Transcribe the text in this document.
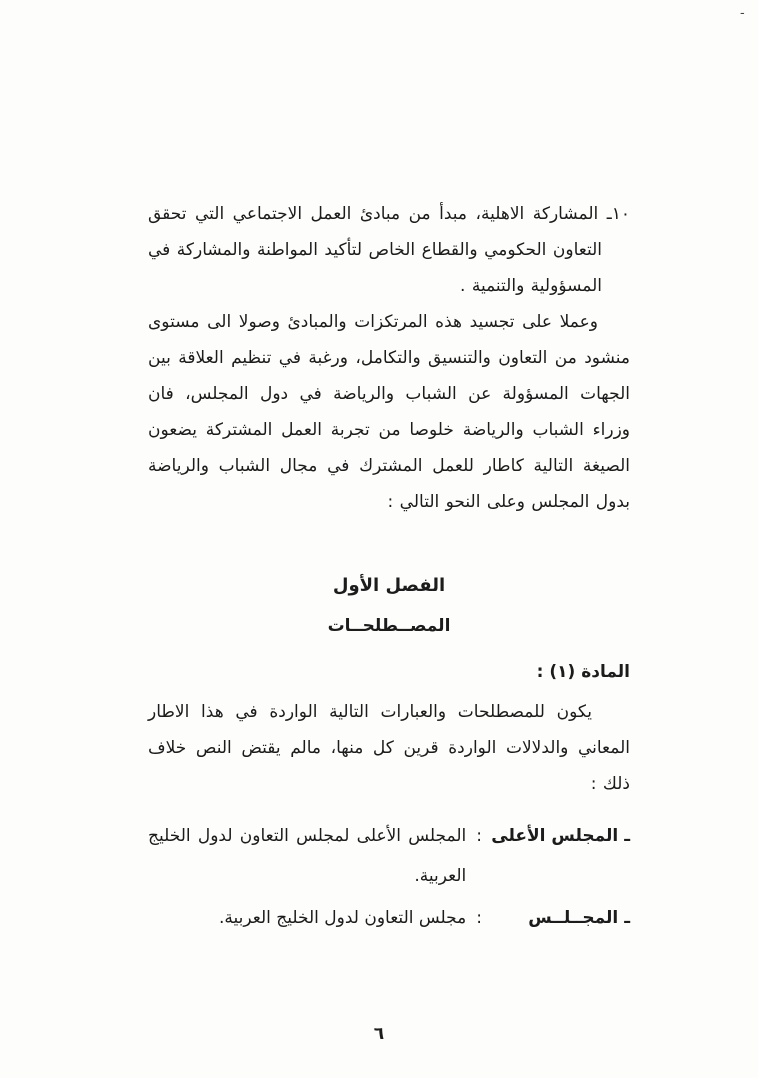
-

١٠ـ المشاركة الاهلية، مبدأ من مبادئ العمل الاجتماعي التي تحقق التعاون الحكومي والقطاع الخاص لتأكيد المواطنة والمشاركة في المسؤولية والتنمية .

وعملا على تجسيد هذه المرتكزات والمبادئ وصولا الى مستوى منشود من التعاون والتنسيق والتكامل، ورغبة في تنظيم العلاقة بين الجهات المسؤولة عن الشباب والرياضة في دول المجلس، فان وزراء الشباب والرياضة خلوصا من تجربة العمل المشتركة يضعون الصيغة التالية كاطار للعمل المشترك في مجال الشباب والرياضة بدول المجلس وعلى النحو التالي :

الفصل الأول
المصــطلحــات

المادة (١) :

يكون للمصطلحات والعبارات التالية الواردة في هذا الاطار المعاني والدلالات الواردة قرين كل منها، مالم يقتض النص خلاف ذلك :

ـ المجلس الأعلى
:
المجلس الأعلى لمجلس التعاون لدول الخليج العربية.
ـ المجــلــس
:
مجلس التعاون لدول الخليج العربية.
٦
